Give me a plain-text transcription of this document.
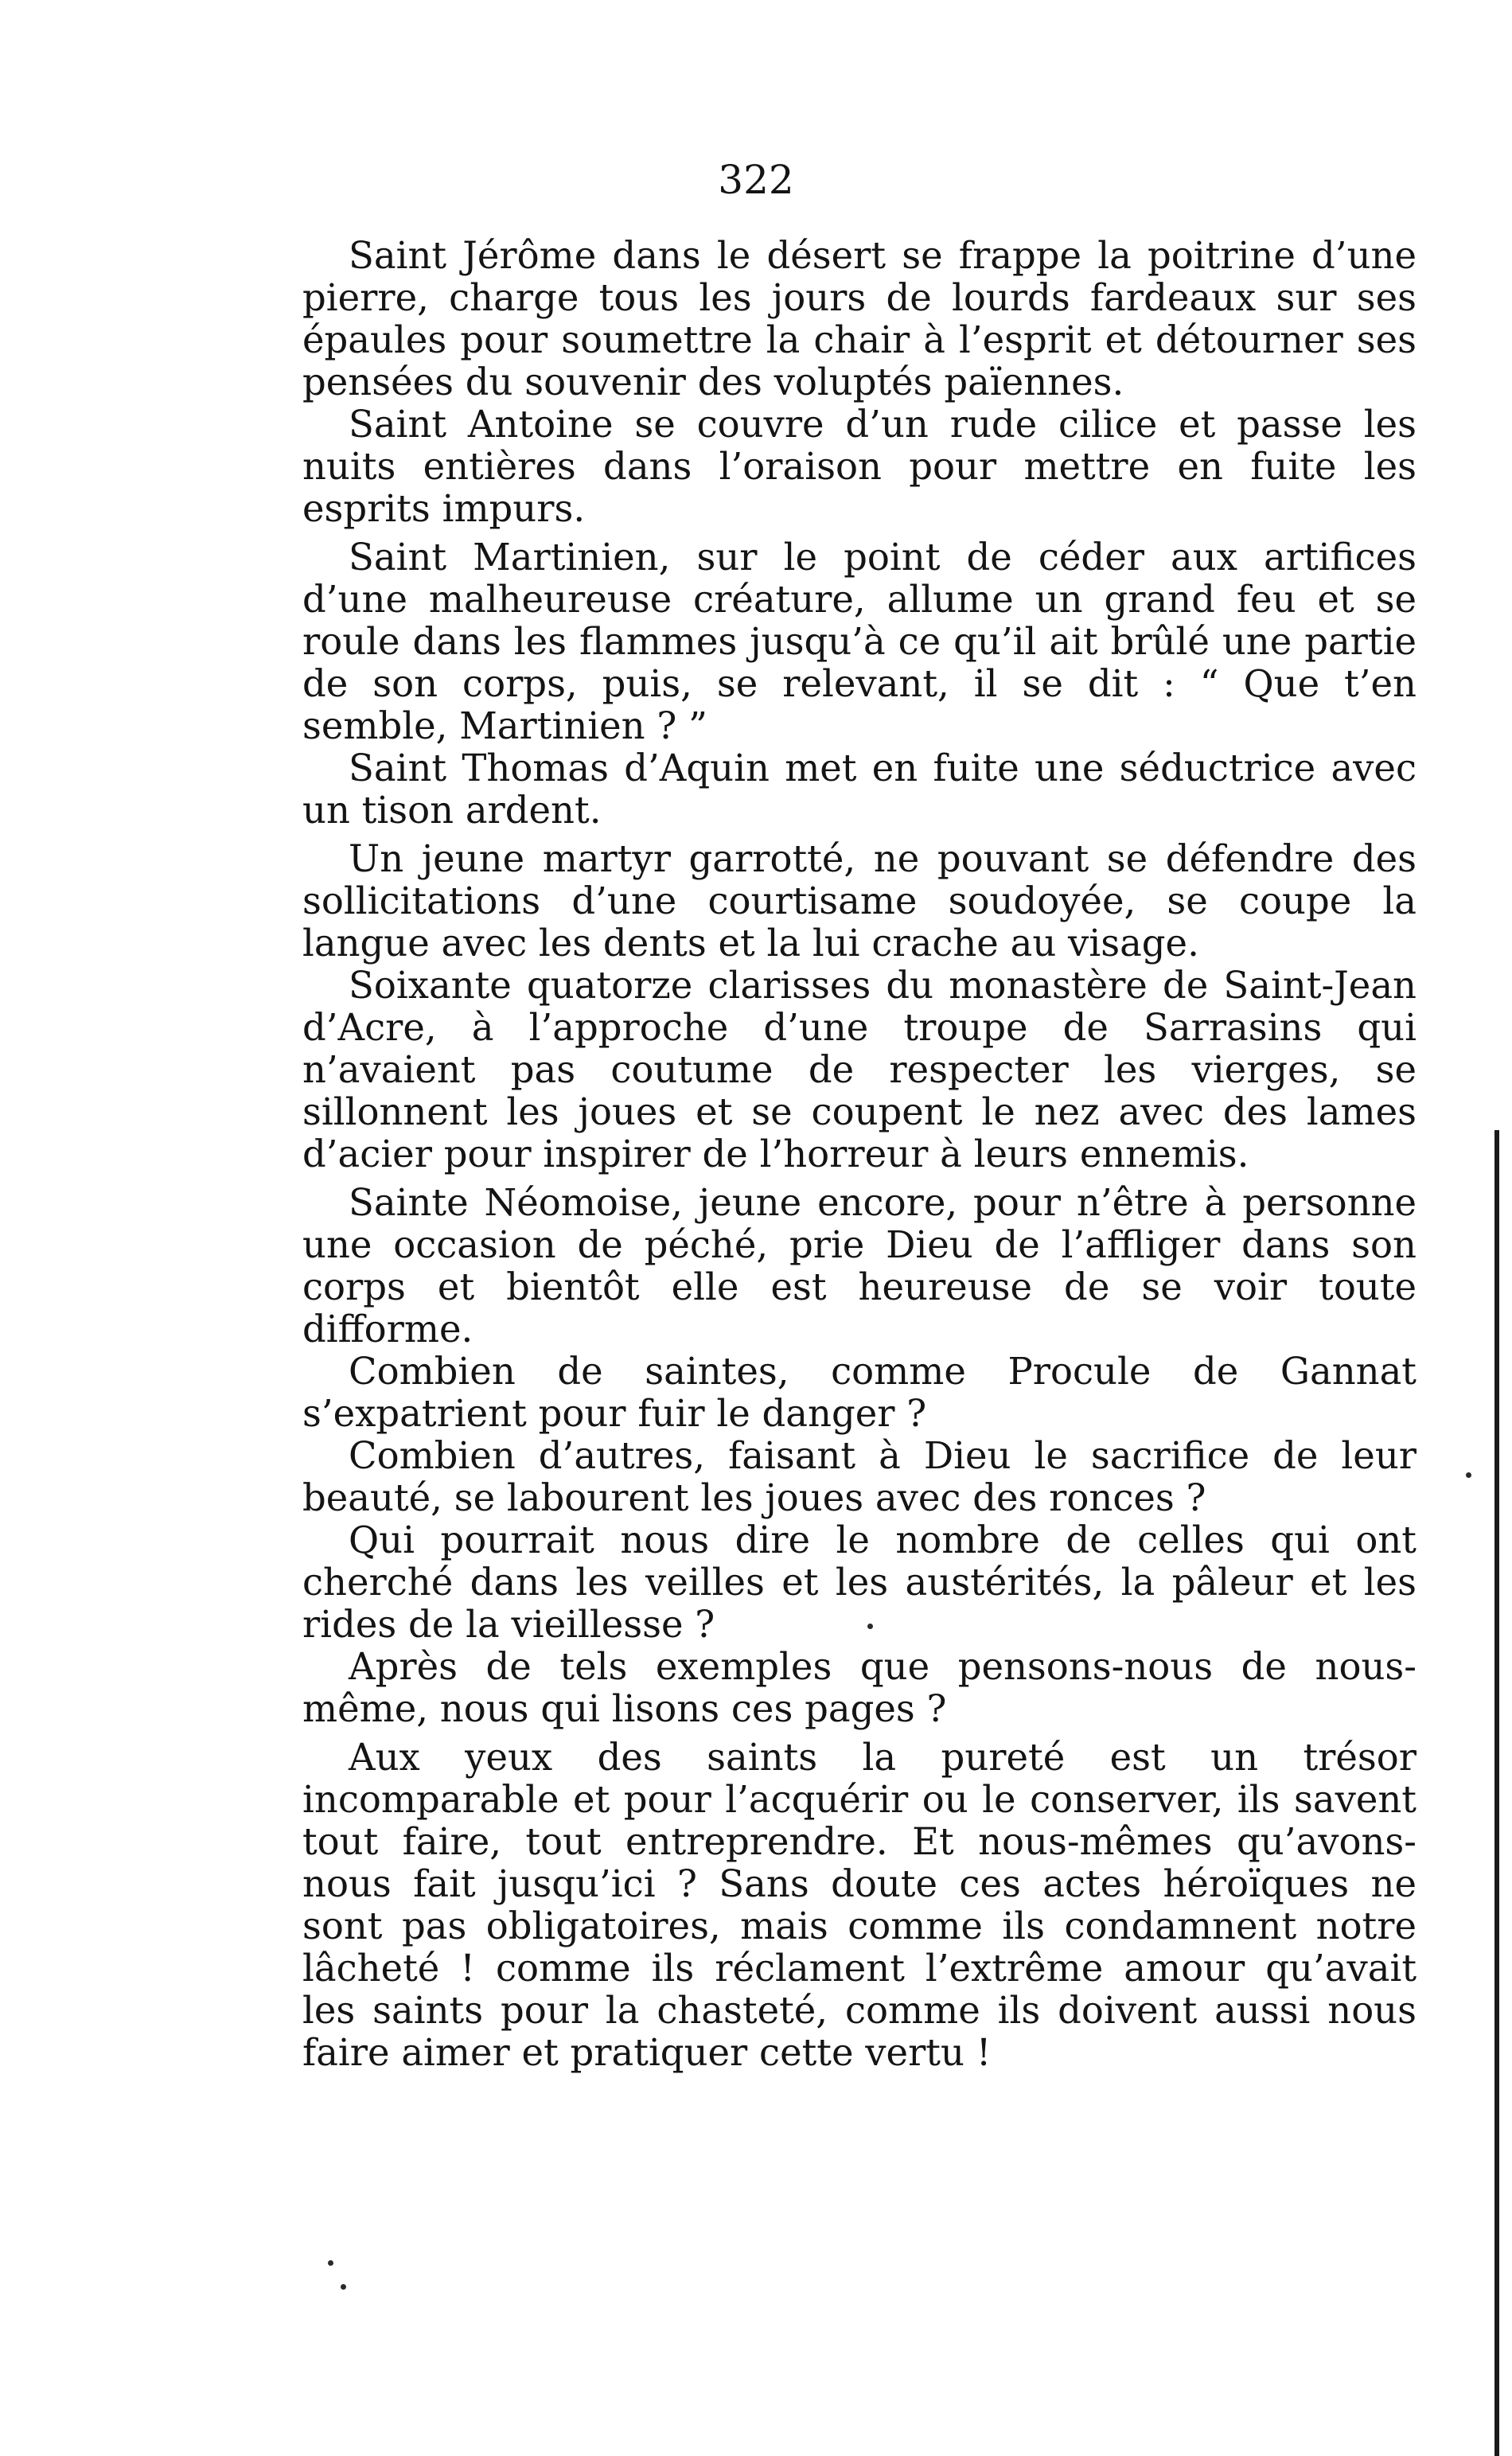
322

Saint Jérôme dans le désert se frappe la poitrine d’une pierre, charge tous les jours de lourds fardeaux sur ses épaules pour soumettre la chair à l’esprit et détourner ses pensées du souvenir des voluptés païennes.

Saint Antoine se couvre d’un rude cilice et passe les nuits entières dans l’oraison pour mettre en fuite les esprits impurs.

Saint Martinien, sur le point de céder aux artifices d’une malheureuse créature, allume un grand feu et se roule dans les flammes jusqu’à ce qu’il ait brûlé une partie de son corps, puis, se relevant, il se dit : “ Que t’en semble, Martinien ? ”

Saint Thomas d’Aquin met en fuite une séductrice avec un tison ardent.

Un jeune martyr garrotté, ne pouvant se défendre des sollicitations d’une courtisame soudoyée, se coupe la langue avec les dents et la lui crache au visage.

Soixante quatorze clarisses du monastère de Saint-Jean d’Acre, à l’approche d’une troupe de Sarrasins qui n’avaient pas coutume de respecter les vierges, se sillonnent les joues et se coupent le nez avec des lames d’acier pour inspirer de l’horreur à leurs ennemis.

Sainte Néomoise, jeune encore, pour n’être à personne une occasion de péché, prie Dieu de l’affliger dans son corps et bientôt elle est heureuse de se voir toute difforme.

Combien de saintes, comme Procule de Gannat s’expatrient pour fuir le danger ?

Combien d’autres, faisant à Dieu le sacrifice de leur beauté, se labourent les joues avec des ronces ?

Qui pourrait nous dire le nombre de celles qui ont cherché dans les veilles et les austérités, la pâleur et les rides de la vieillesse ?

Après de tels exemples que pensons-nous de nous-même, nous qui lisons ces pages ?

Aux yeux des saints la pureté est un trésor incomparable et pour l’acquérir ou le conserver, ils savent tout faire, tout entreprendre. Et nous-mêmes qu’avons-nous fait jusqu’ici ? Sans doute ces actes héroïques ne sont pas obligatoires, mais comme ils condamnent notre lâcheté ! comme ils réclament l’extrême amour qu’avait les saints pour la chasteté, comme ils doivent aussi nous faire aimer et pratiquer cette vertu !
